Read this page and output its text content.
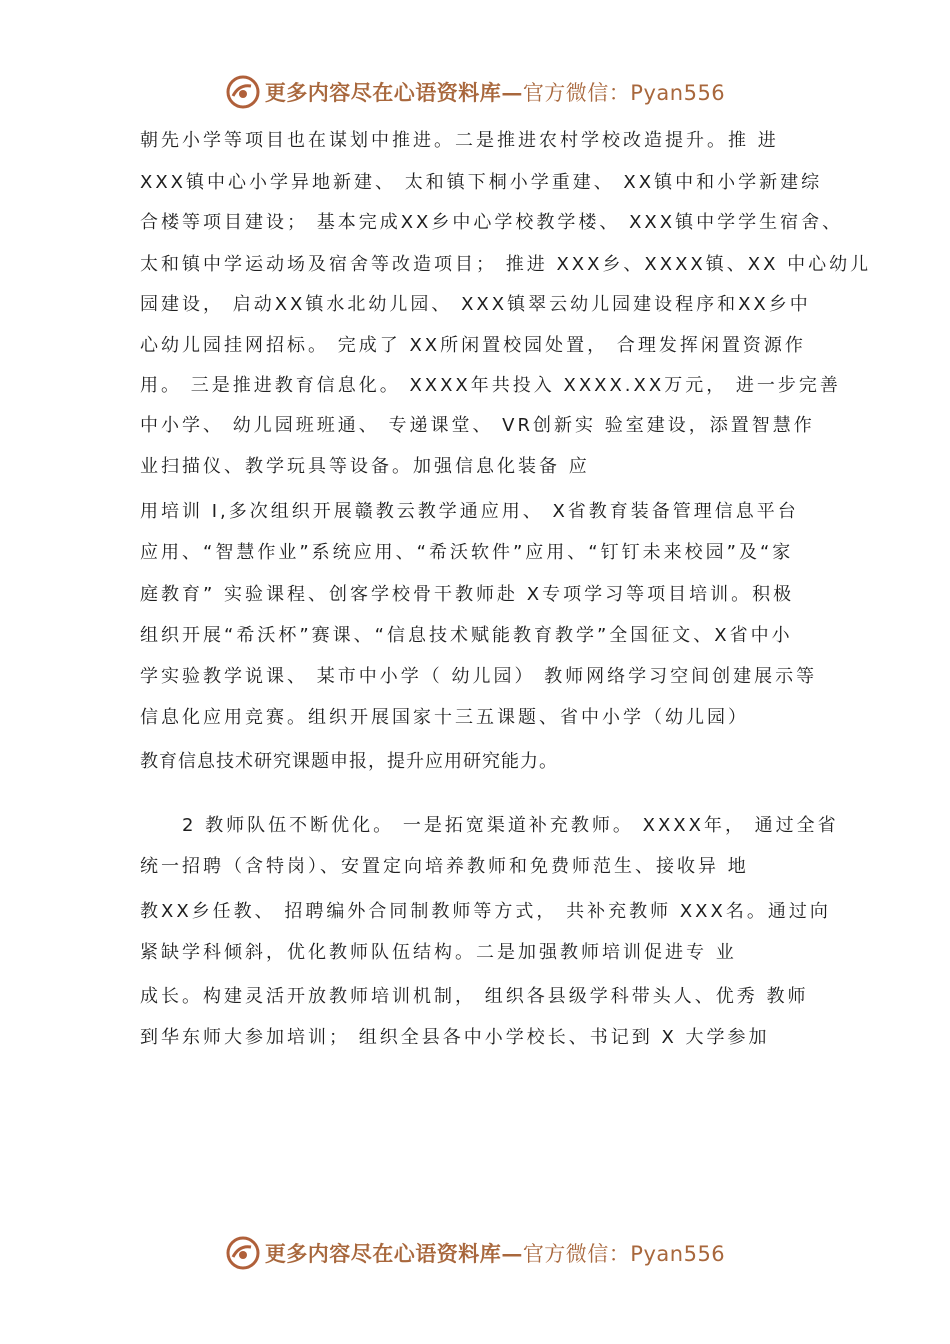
更多内容尽在心语资料库—官方微信：Pyan556
朝先小学等项目也在谋划中推进。二是推进农村学校改造提升。推 进
XXX镇中心小学异地新建、 太和镇下桐小学重建、 XX镇中和小学新建综
合楼等项目建设； 基本完成XX乡中心学校教学楼、 XXX镇中学学生宿舍、
太和镇中学运动场及宿舍等改造项目； 推进 XXX乡、XXXX镇、XX 中心幼儿
园建设， 启动XX镇水北幼儿园、 XXX镇翠云幼儿园建设程序和XX乡中
心幼儿园挂网招标。 完成了 XX所闲置校园处置， 合理发挥闲置资源作
用。 三是推进教育信息化。 XXXX年共投入 XXXX.XX万元， 进一步完善
中小学、 幼儿园班班通、 专递课堂、 VR创新实 验室建设，添置智慧作
业扫描仪、教学玩具等设备。加强信息化装备 应
用培训 I,多次组织开展赣教云教学通应用、 X省教育装备管理信息平台
应用、“智慧作业”系统应用、“希沃软件”应用、“钉钉未来校园”及“家
庭教育” 实验课程、创客学校骨干教师赴 X专项学习等项目培训。积极
组织开展“希沃杯”赛课、“信息技术赋能教育教学”全国征文、X省中小
学实验教学说课、 某市中小学（ 幼儿园） 教师网络学习空间创建展示等
信息化应用竞赛。组织开展国家十三五课题、省中小学（幼儿园）
教育信息技术研究课题申报，提升应用研究能力。
2 教师队伍不断优化。 一是拓宽渠道补充教师。 XXXX年， 通过全省
统一招聘（含特岗）、安置定向培养教师和免费师范生、接收异 地
教XX乡任教、 招聘编外合同制教师等方式， 共补充教师 XXX名。通过向
紧缺学科倾斜，优化教师队伍结构。二是加强教师培训促进专 业
成长。构建灵活开放教师培训机制， 组织各县级学科带头人、优秀 教师
到华东师大参加培训； 组织全县各中小学校长、书记到 X 大学参加
更多内容尽在心语资料库—官方微信：Pyan556
